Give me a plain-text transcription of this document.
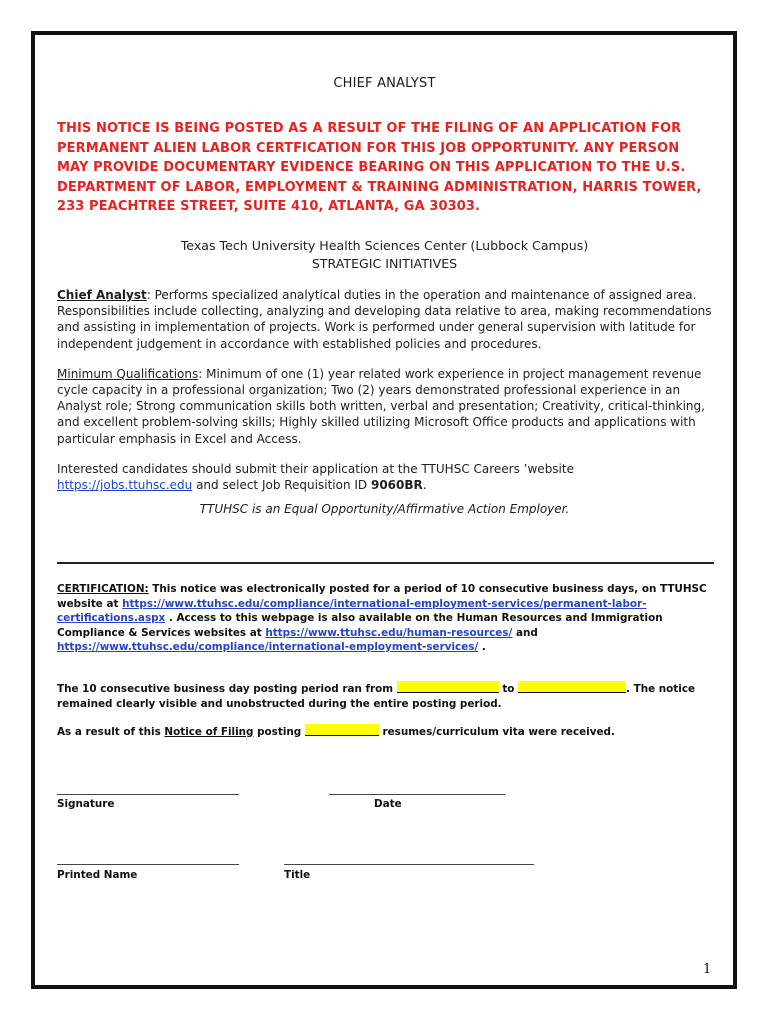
CHIEF ANALYST
THIS NOTICE IS BEING POSTED AS A RESULT OF THE FILING OF AN APPLICATION FOR PERMANENT ALIEN LABOR CERTFICATION FOR THIS JOB OPPORTUNITY. ANY PERSON MAY PROVIDE DOCUMENTARY EVIDENCE BEARING ON THIS APPLICATION TO THE U.S. DEPARTMENT OF LABOR, EMPLOYMENT & TRAINING ADMINISTRATION, HARRIS TOWER, 233 PEACHTREE STREET, SUITE 410, ATLANTA, GA 30303.
Texas Tech University Health Sciences Center (Lubbock Campus)
STRATEGIC INITIATIVES
Chief Analyst: Performs specialized analytical duties in the operation and maintenance of assigned area. Responsibilities include collecting, analyzing and developing data relative to area, making recommendations and assisting in implementation of projects. Work is performed under general supervision with latitude for independent judgement in accordance with established policies and procedures.
Minimum Qualifications: Minimum of one (1) year related work experience in project management revenue cycle capacity in a professional organization; Two (2) years demonstrated professional experience in an Analyst role; Strong communication skills both written, verbal and presentation; Creativity, critical-thinking, and excellent problem-solving skills; Highly skilled utilizing Microsoft Office products and applications with particular emphasis in Excel and Access.
Interested candidates should submit their application at the TTUHSC Careers ’website https://jobs.ttuhsc.edu and select Job Requisition ID 9060BR.
TTUHSC is an Equal Opportunity/Affirmative Action Employer.
CERTIFICATION: This notice was electronically posted for a period of 10 consecutive business days, on TTUHSC website at https://www.ttuhsc.edu/compliance/international-employment-services/permanent-labor-certifications.aspx . Access to this webpage is also available on the Human Resources and Immigration Compliance & Services websites at https://www.ttuhsc.edu/human-resources/ and https://www.ttuhsc.edu/compliance/international-employment-services/ .
The 10 consecutive business day posting period ran from	to	. The notice remained clearly visible and unobstructed during the entire posting period.
As a result of this Notice of Filing posting	resumes/curriculum vita were received.
Signature	Date
Printed Name	Title
1
